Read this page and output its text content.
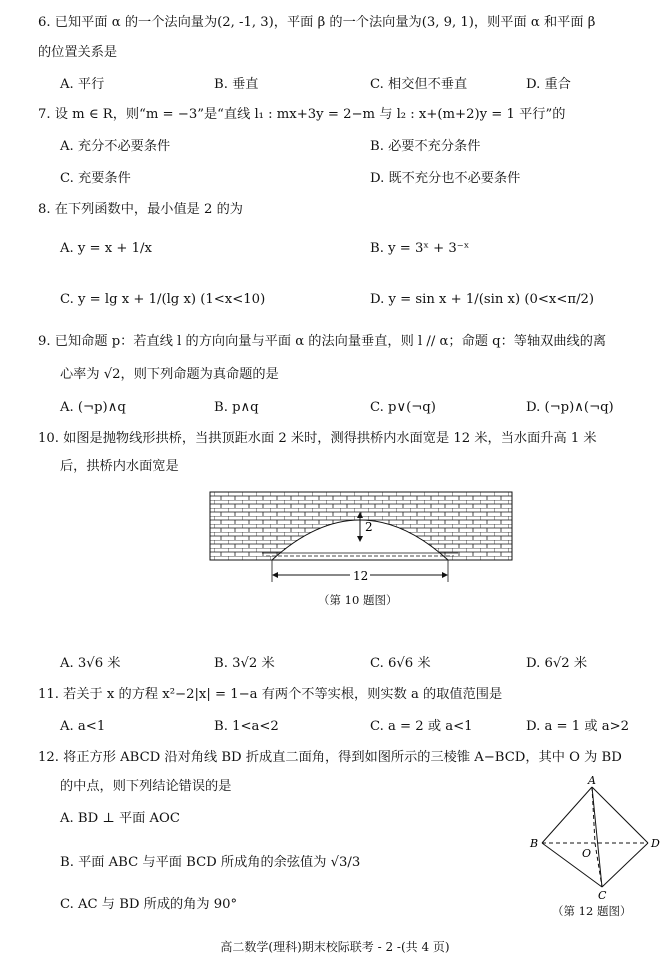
6. 已知平面 α 的一个法向量为(2, -1, 3)，平面 β 的一个法向量为(3, 9, 1)，则平面 α 和平面 β
的位置关系是
A. 平行	B. 垂直	C. 相交但不垂直	D. 重合
7. 设 m ∈ R，则“m = −3”是“直线 l₁ : mx+3y = 2−m 与 l₂ : x+(m+2)y = 1 平行”的
A. 充分不必要条件	B. 必要不充分条件
C. 充要条件	D. 既不充分也不必要条件
8. 在下列函数中，最小值是 2 的为
A. y = x + 1/x	B. y = 3ˣ + 3⁻ˣ
C. y = lg x + 1/(lg x) (1<x<10)	D. y = sin x + 1/(sin x) (0<x<π/2)
9. 已知命题 p：若直线 l 的方向向量与平面 α 的法向量垂直，则 l // α；命题 q：等轴双曲线的离
心率为 √2，则下列命题为真命题的是
A. (¬p)∧q	B. p∧q	C. p∨(¬q)	D. (¬p)∧(¬q)
10. 如图是抛物线形拱桥，当拱顶距水面 2 米时，测得拱桥内水面宽是 12 米，当水面升高 1 米
后，拱桥内水面宽是
2
12
（第 10 题图）
A. 3√6 米	B. 3√2 米	C. 6√6 米	D. 6√2 米
11. 若关于 x 的方程 x²−2|x| = 1−a 有两个不等实根，则实数 a 的取值范围是
A. a<1	B. 1<a<2	C. a = 2 或 a<1	D. a = 1 或 a>2
12. 将正方形 ABCD 沿对角线 BD 折成直二面角，得到如图所示的三棱锥 A−BCD，其中 O 为 BD
的中点，则下列结论错误的是
A. BD ⊥ 平面 AOC
B. 平面 ABC 与平面 BCD 所成角的余弦值为 √3/3
C. AC 与 BD 所成的角为 90°
A
B	D
C
O
（第 12 题图）
高二数学(理科)期末校际联考 - 2 -(共 4 页)
